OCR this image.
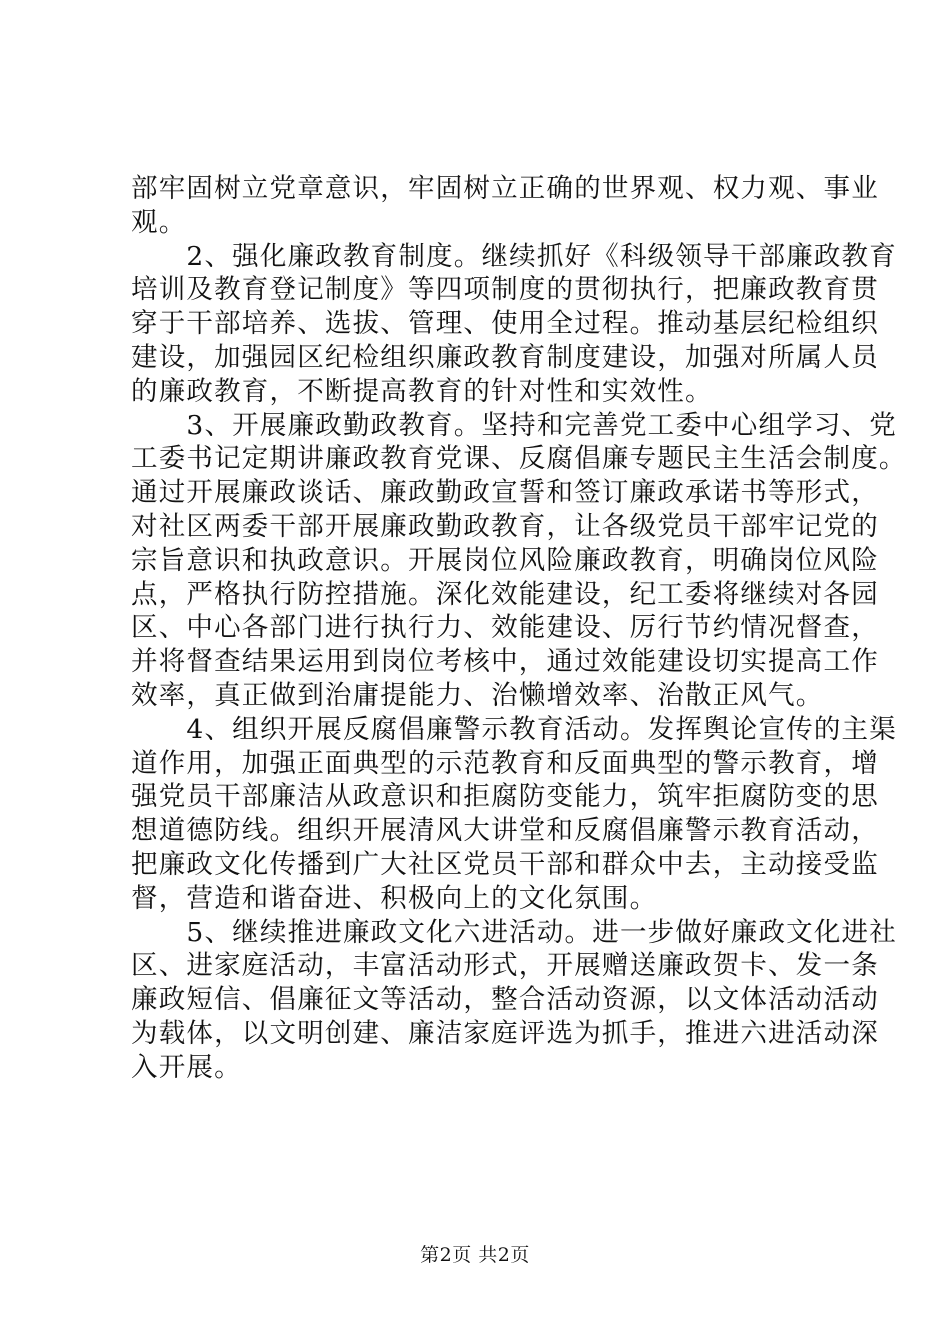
部牢固树立党章意识，牢固树立正确的世界观、权力观、事业
观。
　　2、强化廉政教育制度。继续抓好《科级领导干部廉政教育
培训及教育登记制度》等四项制度的贯彻执行，把廉政教育贯
穿于干部培养、选拔、管理、使用全过程。推动基层纪检组织
建设，加强园区纪检组织廉政教育制度建设，加强对所属人员
的廉政教育，不断提高教育的针对性和实效性。
　　3、开展廉政勤政教育。坚持和完善党工委中心组学习、党
工委书记定期讲廉政教育党课、反腐倡廉专题民主生活会制度。
通过开展廉政谈话、廉政勤政宣誓和签订廉政承诺书等形式，
对社区两委干部开展廉政勤政教育，让各级党员干部牢记党的
宗旨意识和执政意识。开展岗位风险廉政教育，明确岗位风险
点，严格执行防控措施。深化效能建设，纪工委将继续对各园
区、中心各部门进行执行力、效能建设、厉行节约情况督查，
并将督查结果运用到岗位考核中，通过效能建设切实提高工作
效率，真正做到治庸提能力、治懒增效率、治散正风气。
　　4、组织开展反腐倡廉警示教育活动。发挥舆论宣传的主渠
道作用，加强正面典型的示范教育和反面典型的警示教育，增
强党员干部廉洁从政意识和拒腐防变能力，筑牢拒腐防变的思
想道德防线。组织开展清风大讲堂和反腐倡廉警示教育活动，
把廉政文化传播到广大社区党员干部和群众中去，主动接受监
督，营造和谐奋进、积极向上的文化氛围。
　　5、继续推进廉政文化六进活动。进一步做好廉政文化进社
区、进家庭活动，丰富活动形式，开展赠送廉政贺卡、发一条
廉政短信、倡廉征文等活动，整合活动资源，以文体活动活动
为载体，以文明创建、廉洁家庭评选为抓手，推进六进活动深
入开展。
第2页 共2页
